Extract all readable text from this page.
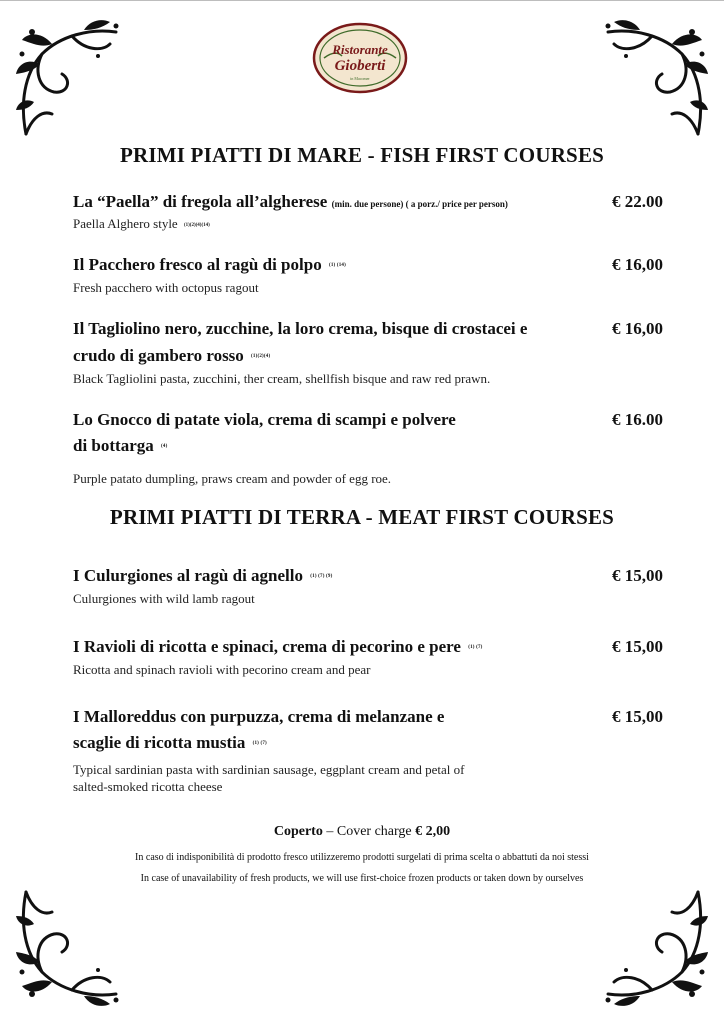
Ristorante
Gioberti
in Macomer
PRIMI PIATTI DI MARE - FISH FIRST COURSES
La “Paella” di fregola all’algherese (min. due persone) ( a porz./ price per person)
Paella Alghero style (1)(2)(4)(14)
€ 22.00
Il Pacchero fresco al ragù di polpo (1) (14)
Fresh pacchero with octopus ragout
€ 16,00
Il Tagliolino nero, zucchine, la loro crema, bisque di crostacei e
crudo di gambero rosso (1)(2)(4)
Black Tagliolini pasta, zucchini, ther cream, shellfish bisque and raw red prawn.
€ 16,00
Lo Gnocco di patate viola, crema di scampi e polvere
di bottarga (4)
Purple patato dumpling, praws cream and powder of egg roe.
€ 16.00
PRIMI PIATTI DI TERRA - MEAT FIRST COURSES
I Culurgiones al ragù di agnello (1) (7) (9)
Culurgiones with wild lamb ragout
€ 15,00
I Ravioli di ricotta e spinaci, crema di pecorino e pere (1) (7)
Ricotta and spinach ravioli with pecorino cream and pear
€ 15,00
I Malloreddus con purpuzza, crema di melanzane e
scaglie di ricotta mustia (1) (7)
Typical sardinian pasta with sardinian sausage, eggplant cream and petal of
salted-smoked ricotta cheese
€ 15,00
Coperto – Cover charge € 2,00
In caso di indisponibilità di prodotto fresco utilizzeremo prodotti surgelati di prima scelta o abbattuti da noi stessi
In case of unavailability of fresh products, we will use first-choice frozen products or taken down by ourselves
